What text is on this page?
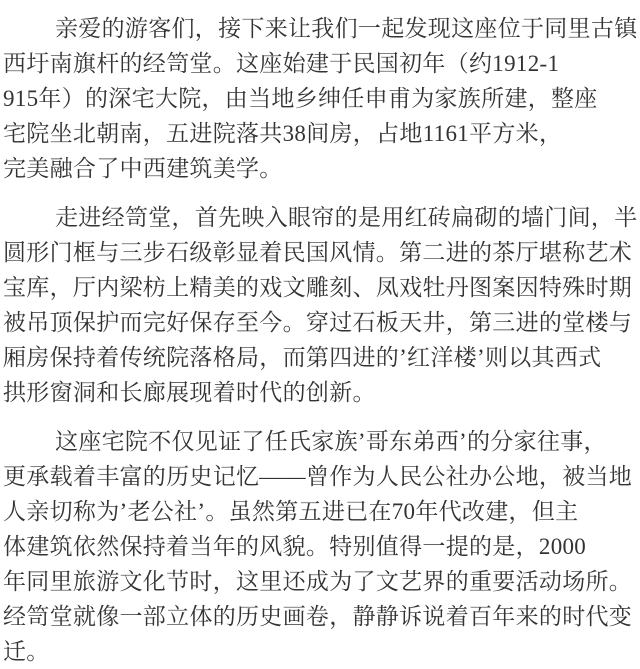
亲爱的游客们，接下来让我们一起发现这座位于同里古镇
西圩南旗杆的经笥堂。这座始建于民国初年（约1912-1
915年）的深宅大院，由当地乡绅任申甫为家族所建，整座
宅院坐北朝南，五进院落共38间房，占地1161平方米，
完美融合了中西建筑美学。
走进经笥堂，首先映入眼帘的是用红砖扁砌的墙门间，半
圆形门框与三步石级彰显着民国风情。第二进的茶厅堪称艺术
宝库，厅内梁枋上精美的戏文雕刻、凤戏牡丹图案因特殊时期
被吊顶保护而完好保存至今。穿过石板天井，第三进的堂楼与
厢房保持着传统院落格局，而第四进的’红洋楼’则以其西式
拱形窗洞和长廊展现着时代的创新。
这座宅院不仅见证了任氏家族’哥东弟西’的分家往事，
更承载着丰富的历史记忆——曾作为人民公社办公地，被当地
人亲切称为’老公社’。虽然第五进已在70年代改建，但主
体建筑依然保持着当年的风貌。特别值得一提的是，2000
年同里旅游文化节时，这里还成为了文艺界的重要活动场所。
经笥堂就像一部立体的历史画卷，静静诉说着百年来的时代变
迁。
